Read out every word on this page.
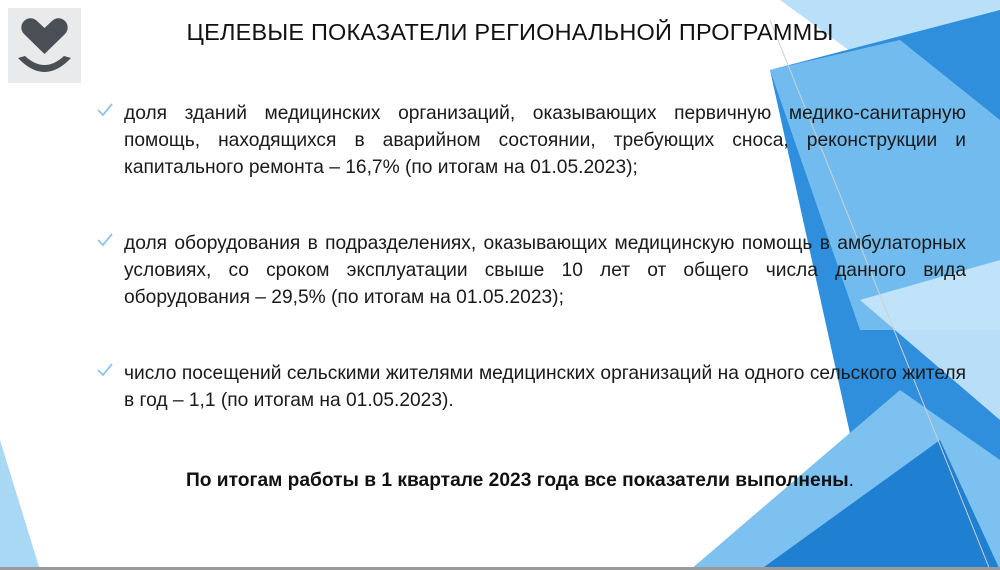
ЦЕЛЕВЫЕ ПОКАЗАТЕЛИ РЕГИОНАЛЬНОЙ ПРОГРАММЫ
доля зданий медицинских организаций, оказывающих первичную медико-санитарную помощь, находящихся в аварийном состоянии, требующих сноса, реконструкции и капитального ремонта – 16,7% (по итогам на 01.05.2023);
доля оборудования в подразделениях, оказывающих медицинскую помощь в амбулаторных условиях, со сроком эксплуатации свыше 10 лет от общего числа данного вида оборудования – 29,5% (по итогам на 01.05.2023);
число посещений сельскими жителями медицинских организаций на одного сельского жителя в год – 1,1 (по итогам на 01.05.2023).
По итогам работы в 1 квартале 2023 года все показатели выполнены.
